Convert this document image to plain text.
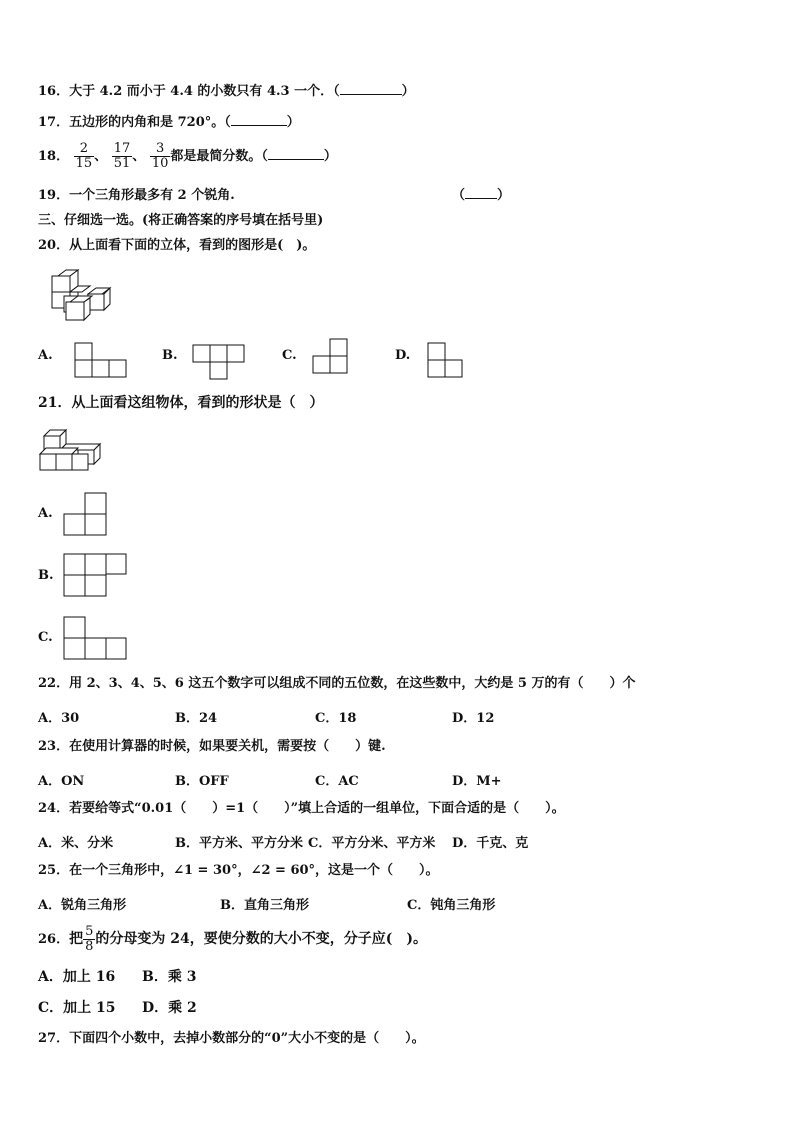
16．大于 4.2 而小于 4.4 的小数只有 4.3 一个．（	）
17．五边形的内角和是 720°。（	）
18． $\frac{2}{15}$ 、 $\frac{17}{51}$ 、 $\frac{3}{10}$ 都是最简分数。（	）
19．一个三角形最多有 2 个锐角.	（ ）
三、仔细选一选。(将正确答案的序号填在括号里)
20．从上面看下面的立体，看到的图形是(　)。
A.	B.	C.	D.
21．从上面看这组物体，看到的形状是（　）
A.
B.
C.
22．用 2、3、4、5、6 这五个数字可以组成不同的五位数，在这些数中，大约是 5 万的有（　　）个
A．30	B．24	C．18	D．12
23．在使用计算器的时候，如果要关机，需要按（　　）键.
A．ON	B．OFF	C．AC	D．M+
24．若要给等式“0.01（　　）=1（　　）”填上合适的一组单位，下面合适的是（　　）。
A．米、分米	B．平方米、平方分米 C．平方分米、平方米 D．千克、克
25．在一个三角形中，∠1 = 30°，∠2 = 60°，这是一个（　　）。
A．锐角三角形	B．直角三角形	C．钝角三角形
26．把 $\frac{5}{8}$ 的分母变为 24，要使分数的大小不变，分子应(　)。
A．加上 16 B．乘 3
C．加上 15 D．乘 2
27．下面四个小数中，去掉小数部分的“0”大小不变的是（　　）。
